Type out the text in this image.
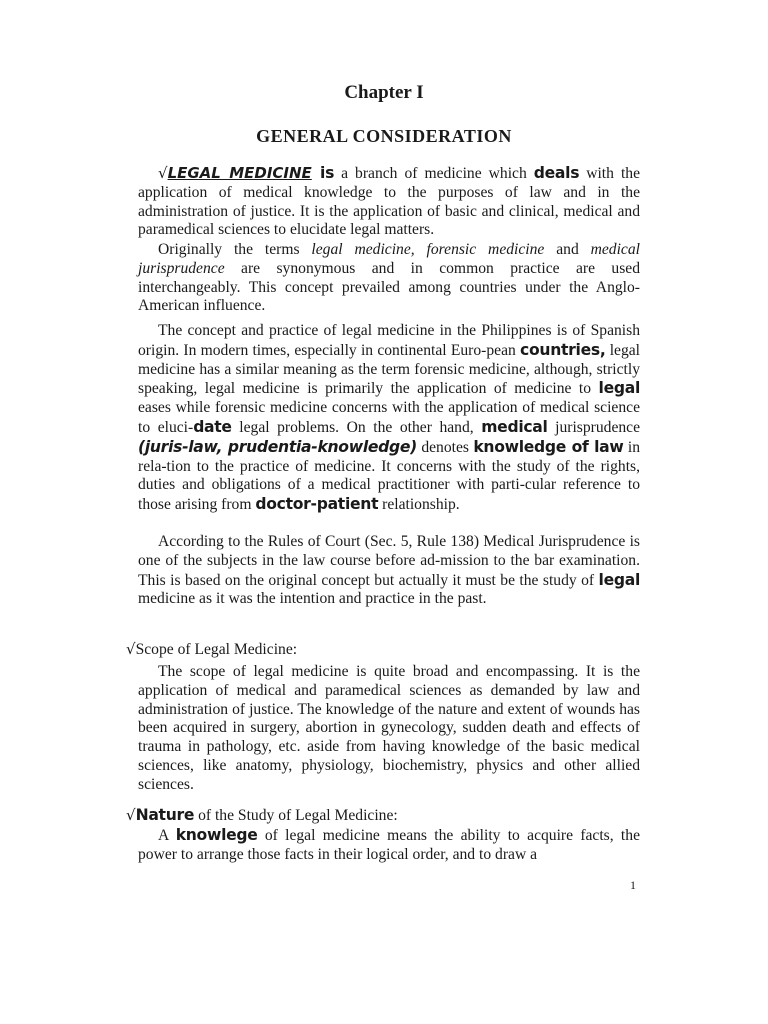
Chapter I
GENERAL CONSIDERATION

√LEGAL MEDICINE is a branch of medicine which deals with the application of medical knowledge to the purposes of law and in the administration of justice. It is the application of basic and clinical, medical and paramedical sciences to elucidate legal matters.

Originally the terms legal medicine, forensic medicine and medical jurisprudence are synonymous and in common practice are used interchangeably. This concept prevailed among countries under the Anglo-American influence.

The concept and practice of legal medicine in the Philippines is of Spanish origin. In modern times, especially in continental Euro-pean countries, legal medicine has a similar meaning as the term forensic medicine, although, strictly speaking, legal medicine is primarily the application of medicine to legal eases while forensic medicine concerns with the application of medical science to eluci-date legal problems. On the other hand, medical jurisprudence (juris-law, prudentia-knowledge) denotes knowledge of law in rela-tion to the practice of medicine. It concerns with the study of the rights, duties and obligations of a medical practitioner with parti-cular reference to those arising from doctor-patient relationship.

According to the Rules of Court (Sec. 5, Rule 138) Medical Jurisprudence is one of the subjects in the law course before ad-mission to the bar examination. This is based on the original concept but actually it must be the study of legal medicine as it was the intention and practice in the past.

√Scope of Legal Medicine:

The scope of legal medicine is quite broad and encompassing. It is the application of medical and paramedical sciences as demanded by law and administration of justice. The knowledge of the nature and extent of wounds has been acquired in surgery, abortion in gynecology, sudden death and effects of trauma in pathology, etc. aside from having knowledge of the basic medical sciences, like anatomy, physiology, biochemistry, physics and other allied sciences.

√Nature of the Study of Legal Medicine:

A knowlege of legal medicine means the ability to acquire facts, the power to arrange those facts in their logical order, and to draw a

1
